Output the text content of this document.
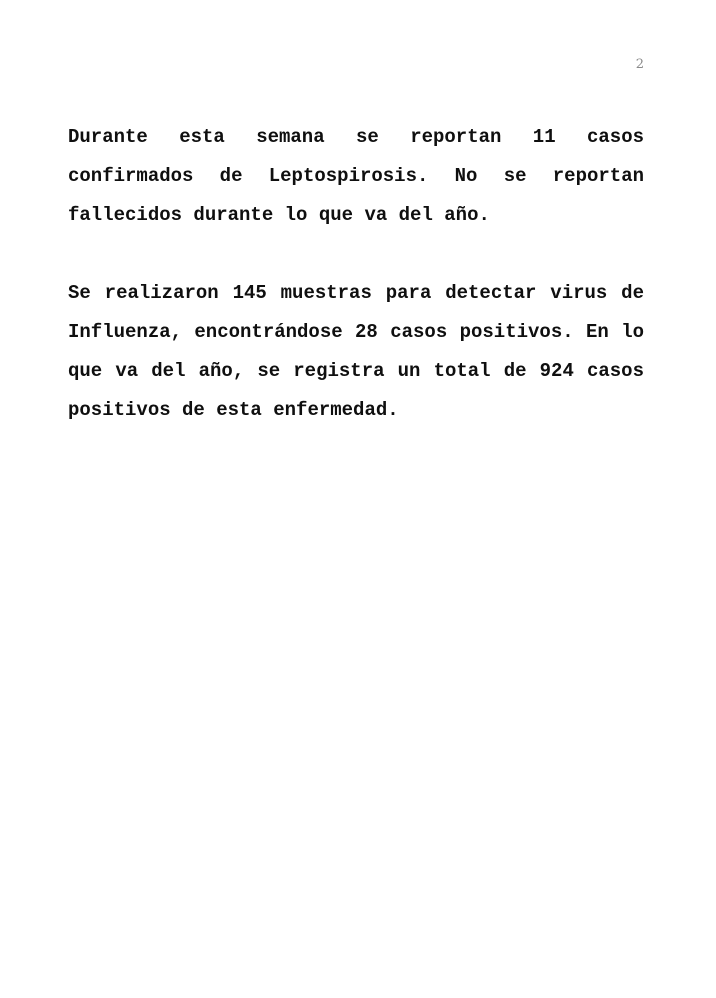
2

Durante esta semana se reportan 11 casos confirmados de Leptospirosis. No se reportan fallecidos durante lo que va del año.

Se realizaron 145 muestras para detectar virus de Influenza, encontrándose 28 casos positivos. En lo que va del año, se registra un total de 924 casos positivos de esta enfermedad.
